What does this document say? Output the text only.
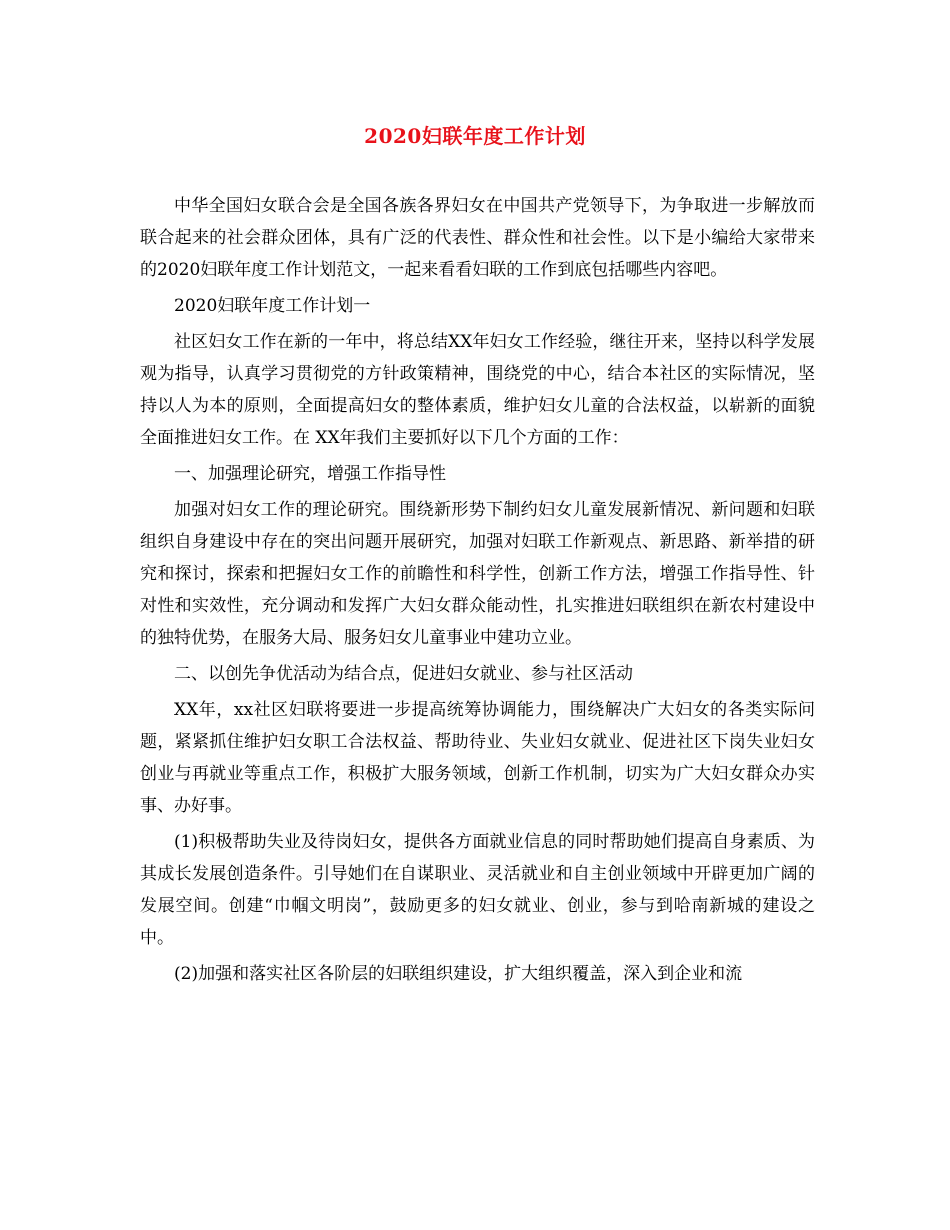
2020妇联年度工作计划

中华全国妇女联合会是全国各族各界妇女在中国共产党领导下，为争取进一步解放而联合起来的社会群众团体，具有广泛的代表性、群众性和社会性。以下是小编给大家带来的2020妇联年度工作计划范文，一起来看看妇联的工作到底包括哪些内容吧。

2020妇联年度工作计划一

社区妇女工作在新的一年中，将总结XX年妇女工作经验，继往开来，坚持以科学发展观为指导，认真学习贯彻党的方针政策精神，围绕党的中心，结合本社区的实际情况，坚持以人为本的原则，全面提高妇女的整体素质，维护妇女儿童的合法权益，以崭新的面貌全面推进妇女工作。在 XX年我们主要抓好以下几个方面的工作：

一、加强理论研究，增强工作指导性

加强对妇女工作的理论研究。围绕新形势下制约妇女儿童发展新情况、新问题和妇联组织自身建设中存在的突出问题开展研究，加强对妇联工作新观点、新思路、新举措的研究和探讨，探索和把握妇女工作的前瞻性和科学性，创新工作方法，增强工作指导性、针对性和实效性，充分调动和发挥广大妇女群众能动性，扎实推进妇联组织在新农村建设中的独特优势，在服务大局、服务妇女儿童事业中建功立业。

二、以创先争优活动为结合点，促进妇女就业、参与社区活动

XX年，xx社区妇联将要进一步提高统筹协调能力，围绕解决广大妇女的各类实际问题，紧紧抓住维护妇女职工合法权益、帮助待业、失业妇女就业、促进社区下岗失业妇女创业与再就业等重点工作，积极扩大服务领域，创新工作机制，切实为广大妇女群众办实事、办好事。

(1)积极帮助失业及待岗妇女，提供各方面就业信息的同时帮助她们提高自身素质、为其成长发展创造条件。引导她们在自谋职业、灵活就业和自主创业领域中开辟更加广阔的发展空间。创建“巾帼文明岗”，鼓励更多的妇女就业、创业，参与到哈南新城的建设之中。

(2)加强和落实社区各阶层的妇联组织建设，扩大组织覆盖，深入到企业和流
